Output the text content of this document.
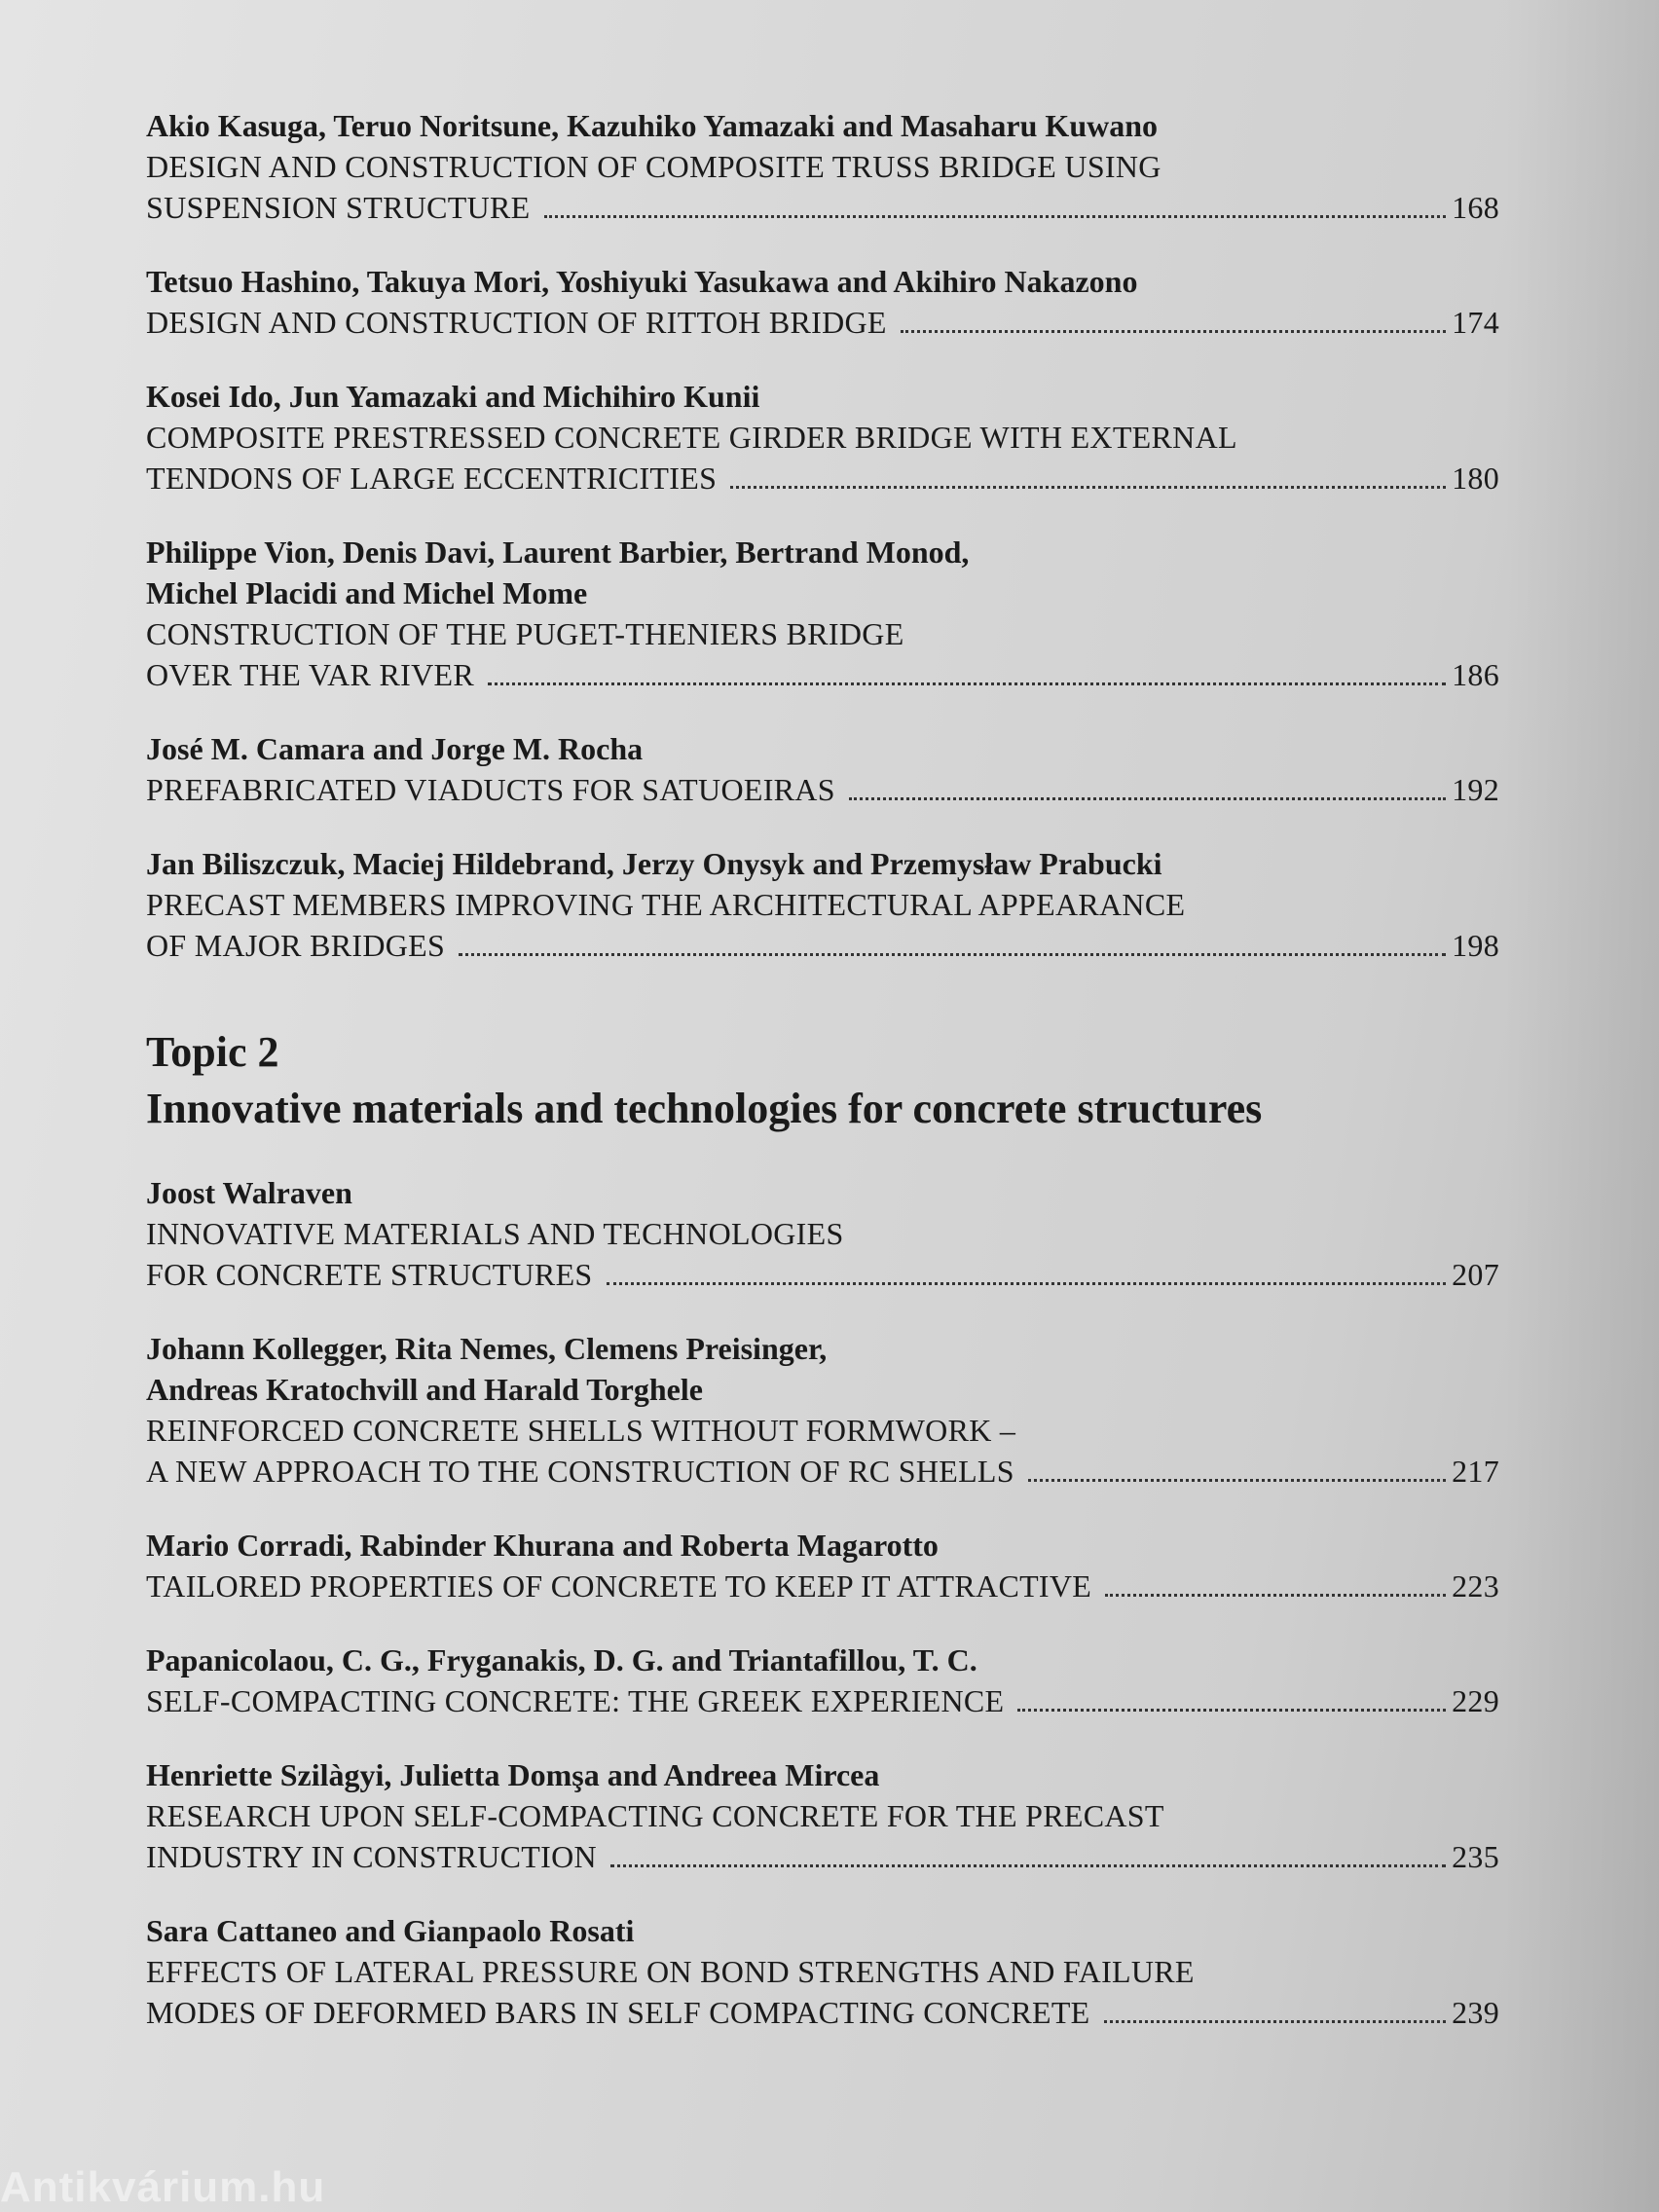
Akio Kasuga, Teruo Noritsune, Kazuhiko Yamazaki and Masaharu Kuwano
DESIGN AND CONSTRUCTION OF COMPOSITE TRUSS BRIDGE USING
SUSPENSION STRUCTURE	168
Tetsuo Hashino, Takuya Mori, Yoshiyuki Yasukawa and Akihiro Nakazono
DESIGN AND CONSTRUCTION OF RITTOH BRIDGE	174
Kosei Ido, Jun Yamazaki and Michihiro Kunii
COMPOSITE PRESTRESSED CONCRETE GIRDER BRIDGE WITH EXTERNAL
TENDONS OF LARGE ECCENTRICITIES	180
Philippe Vion, Denis Davi, Laurent Barbier, Bertrand Monod,
Michel Placidi and Michel Mome
CONSTRUCTION OF THE PUGET-THENIERS BRIDGE
OVER THE VAR RIVER	186
José M. Camara and Jorge M. Rocha
PREFABRICATED VIADUCTS FOR SATUOEIRAS	192
Jan Biliszczuk, Maciej Hildebrand, Jerzy Onysyk and Przemysław Prabucki
PRECAST MEMBERS IMPROVING THE ARCHITECTURAL APPEARANCE
OF MAJOR BRIDGES	198
Topic 2
Innovative materials and technologies for concrete structures
Joost Walraven
INNOVATIVE MATERIALS AND TECHNOLOGIES
FOR CONCRETE STRUCTURES	207
Johann Kollegger, Rita Nemes, Clemens Preisinger,
Andreas Kratochvill and Harald Torghele
REINFORCED CONCRETE SHELLS WITHOUT FORMWORK –
A NEW APPROACH TO THE CONSTRUCTION OF RC SHELLS	217
Mario Corradi, Rabinder Khurana and Roberta Magarotto
TAILORED PROPERTIES OF CONCRETE TO KEEP IT ATTRACTIVE	223
Papanicolaou, C. G., Fryganakis, D. G. and Triantafillou, T. C.
SELF-COMPACTING CONCRETE: THE GREEK EXPERIENCE	229
Henriette Szilàgyi, Julietta Domşa and Andreea Mircea
RESEARCH UPON SELF-COMPACTING CONCRETE FOR THE PRECAST
INDUSTRY IN CONSTRUCTION	235
Sara Cattaneo and Gianpaolo Rosati
EFFECTS OF LATERAL PRESSURE ON BOND STRENGTHS AND FAILURE
MODES OF DEFORMED BARS IN SELF COMPACTING CONCRETE	239
Antikvárium.hu
